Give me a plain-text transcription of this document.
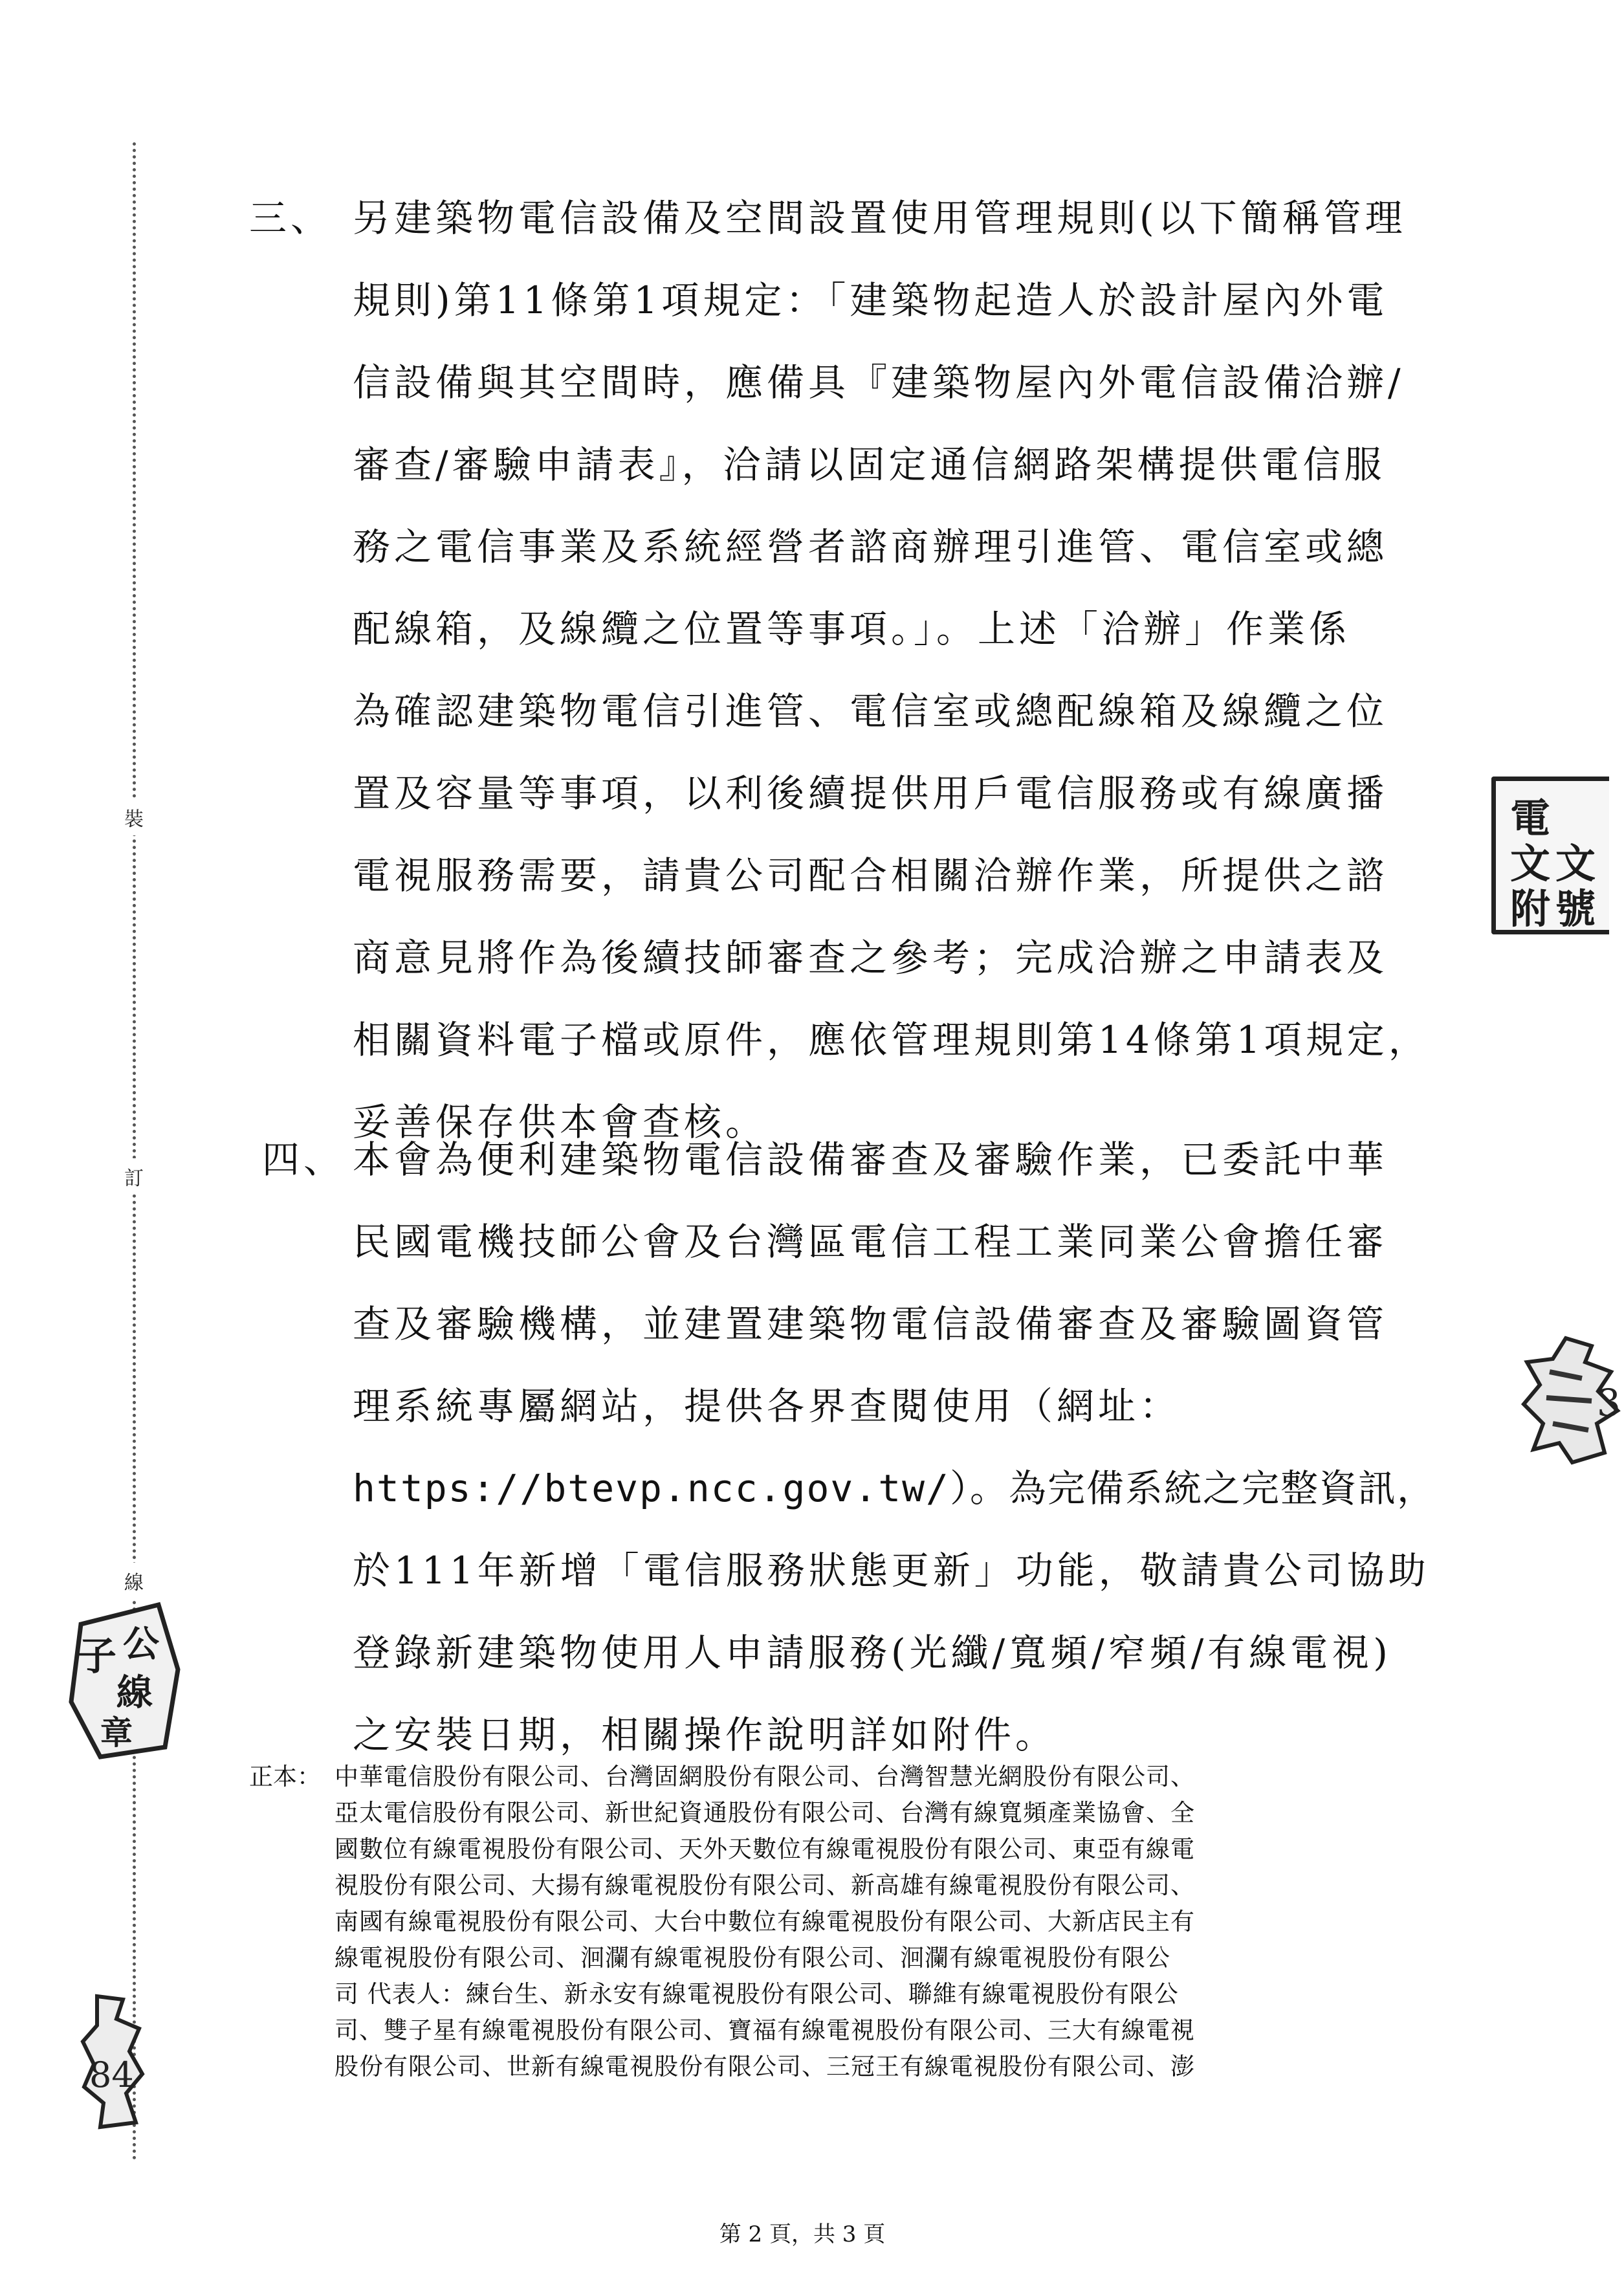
裝
訂
線
三、 另建築物電信設備及空間設置使用管理規則(以下簡稱管理
規則)第11條第1項規定：「建築物起造人於設計屋內外電
信設備與其空間時，應備具『建築物屋內外電信設備洽辦/
審查/審驗申請表』，洽請以固定通信網路架構提供電信服
務之電信事業及系統經營者諮商辦理引進管、電信室或總
配線箱，及線纜之位置等事項。」。上述「洽辦」作業係
為確認建築物電信引進管、電信室或總配線箱及線纜之位
置及容量等事項，以利後續提供用戶電信服務或有線廣播
電視服務需要，請貴公司配合相關洽辦作業，所提供之諮
商意見將作為後續技師審查之參考；完成洽辦之申請表及
相關資料電子檔或原件，應依管理規則第14條第1項規定，
妥善保存供本會查核。
四、 本會為便利建築物電信設備審查及審驗作業，已委託中華
民國電機技師公會及台灣區電信工程工業同業公會擔任審
查及審驗機構，並建置建築物電信設備審查及審驗圖資管
理系統專屬網站，提供各界查閱使用（網址：
https://btevp.ncc.gov.tw/）。為完備系統之完整資訊，
於111年新增「電信服務狀態更新」功能，敬請貴公司協助
登錄新建築物使用人申請服務(光纖/寬頻/窄頻/有線電視)
之安裝日期，相關操作說明詳如附件。
正本： 中華電信股份有限公司、台灣固網股份有限公司、台灣智慧光網股份有限公司、
亞太電信股份有限公司、新世紀資通股份有限公司、台灣有線寬頻產業協會、全
國數位有線電視股份有限公司、天外天數位有線電視股份有限公司、東亞有線電
視股份有限公司、大揚有線電視股份有限公司、新高雄有線電視股份有限公司、
南國有線電視股份有限公司、大台中數位有線電視股份有限公司、大新店民主有
線電視股份有限公司、洄瀾有線電視股份有限公司、洄瀾有線電視股份有限公
司 代表人：練台生、新永安有線電視股份有限公司、聯維有線電視股份有限公
司、雙子星有線電視股份有限公司、寶福有線電視股份有限公司、三大有線電視
股份有限公司、世新有線電視股份有限公司、三冠王有線電視股份有限公司、澎
第 2 頁，共 3 頁
電
文 文
附 號
3
子 公
線
章
84
